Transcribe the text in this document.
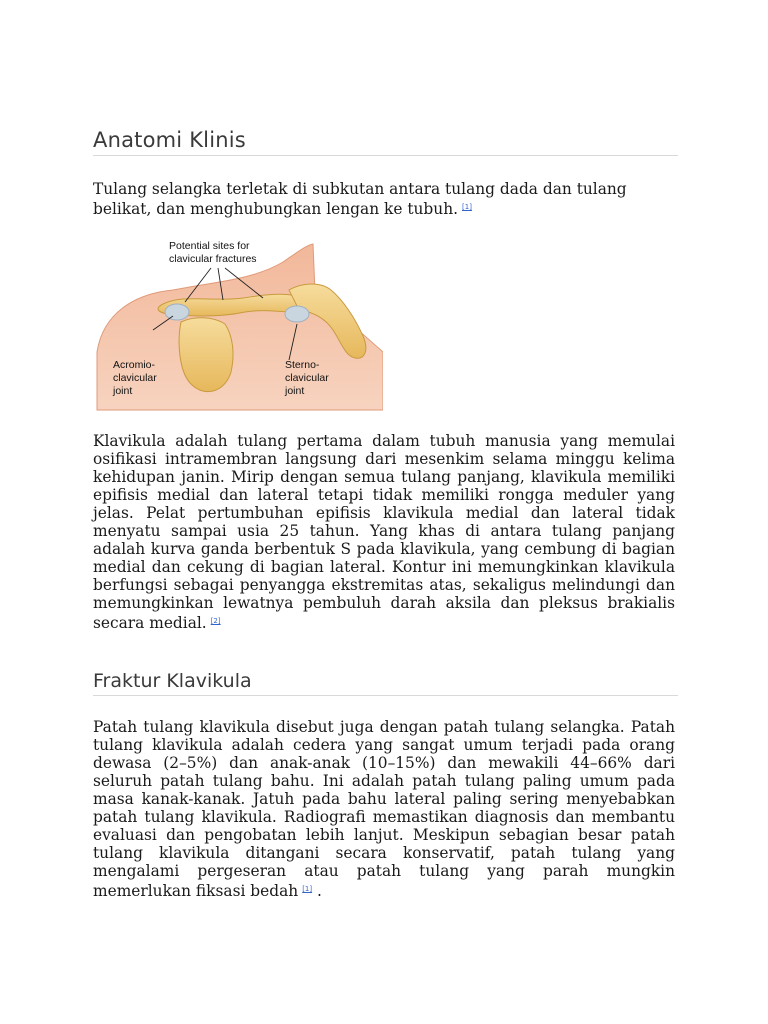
Anatomi Klinis

Tulang selangka terletak di subkutan antara tulang dada dan tulang belikat, dan menghubungkan lengan ke tubuh. [1]

Potential sites for
clavicular fractures
Acromio-
clavicular
joint
Sterno-
clavicular
joint

Klavikula adalah tulang pertama dalam tubuh manusia yang memulai osifikasi intramembran langsung dari mesenkim selama minggu kelima kehidupan janin. Mirip dengan semua tulang panjang, klavikula memiliki epifisis medial dan lateral tetapi tidak memiliki rongga meduler yang jelas. Pelat pertumbuhan epifisis klavikula medial dan lateral tidak menyatu sampai usia 25 tahun. Yang khas di antara tulang panjang adalah kurva ganda berbentuk S pada klavikula, yang cembung di bagian medial dan cekung di bagian lateral. Kontur ini memungkinkan klavikula berfungsi sebagai penyangga ekstremitas atas, sekaligus melindungi dan memungkinkan lewatnya pembuluh darah aksila dan pleksus brakialis secara medial. [2]

Fraktur Klavikula

Patah tulang klavikula disebut juga dengan patah tulang selangka. Patah tulang klavikula adalah cedera yang sangat umum terjadi pada orang dewasa (2–5%) dan anak-anak (10–15%) dan mewakili 44–66% dari seluruh patah tulang bahu. Ini adalah patah tulang paling umum pada masa kanak-kanak. Jatuh pada bahu lateral paling sering menyebabkan patah tulang klavikula. Radiografi memastikan diagnosis dan membantu evaluasi dan pengobatan lebih lanjut. Meskipun sebagian besar patah tulang klavikula ditangani secara konservatif, patah tulang yang mengalami pergeseran atau patah tulang yang parah mungkin memerlukan fiksasi bedah [1] .
